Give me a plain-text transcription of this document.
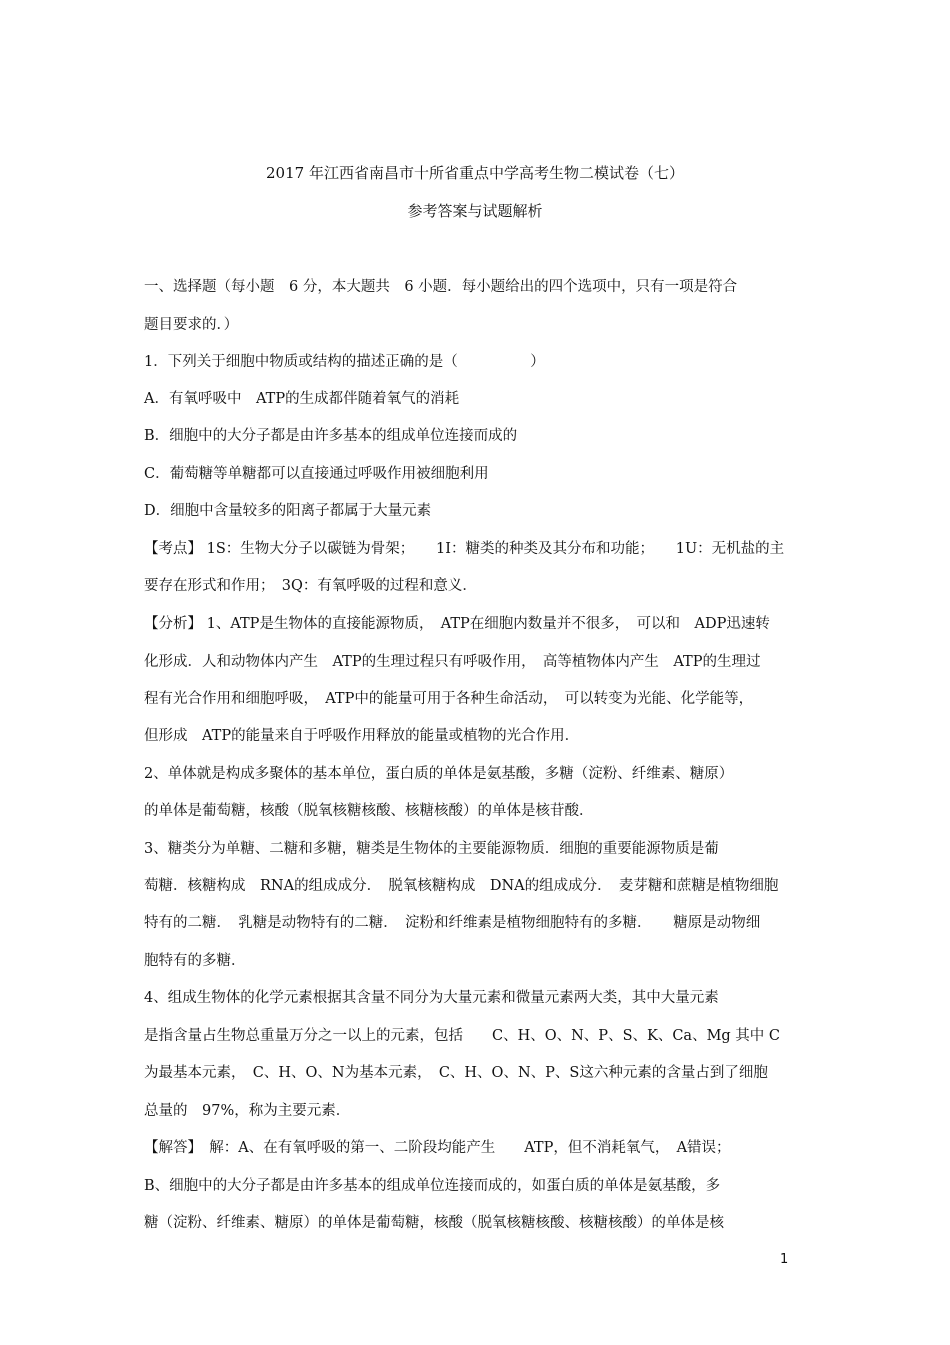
2017 年江西省南昌市十所省重点中学高考生物二模试卷（七）
参考答案与试题解析
一、选择题（每小题　6 分，本大题共　6 小题．每小题给出的四个选项中，只有一项是符合
题目要求的．）
1．下列关于细胞中物质或结构的描述正确的是（　　　　　）
A．有氧呼吸中　ATP的生成都伴随着氧气的消耗
B．细胞中的大分子都是由许多基本的组成单位连接而成的
C．葡萄糖等单糖都可以直接通过呼吸作用被细胞利用
D．细胞中含量较多的阳离子都属于大量元素
【考点】 1S：生物大分子以碳链为骨架；　　1I：糖类的种类及其分布和功能；　　1U：无机盐的主
要存在形式和作用；　3Q：有氧呼吸的过程和意义．
【分析】 1、ATP是生物体的直接能源物质，　ATP在细胞内数量并不很多，　可以和　ADP迅速转
化形成．人和动物体内产生　ATP的生理过程只有呼吸作用，　高等植物体内产生　ATP的生理过
程有光合作用和细胞呼吸，　ATP中的能量可用于各种生命活动，　可以转变为光能、化学能等，
但形成　ATP的能量来自于呼吸作用释放的能量或植物的光合作用．
2、单体就是构成多聚体的基本单位，蛋白质的单体是氨基酸，多糖（淀粉、纤维素、糖原）
的单体是葡萄糖，核酸（脱氧核糖核酸、核糖核酸）的单体是核苷酸．
3、糖类分为单糖、二糖和多糖，糖类是生物体的主要能源物质．细胞的重要能源物质是葡
萄糖．核糖构成　RNA的组成成分．　脱氧核糖构成　DNA的组成成分．　麦芽糖和蔗糖是植物细胞
特有的二糖．　乳糖是动物特有的二糖．　淀粉和纤维素是植物细胞特有的多糖．　　糖原是动物细
胞特有的多糖．
4、组成生物体的化学元素根据其含量不同分为大量元素和微量元素两大类，其中大量元素
是指含量占生物总重量万分之一以上的元素，包括　　C、H、O、N、P、S、K、Ca、Mg 其中 C
为最基本元素，　C、H、O、N为基本元素，　C、H、O、N、P、S这六种元素的含量占到了细胞
总量的　97%，称为主要元素．
【解答】　解：A、在有氧呼吸的第一、二阶段均能产生　　ATP，但不消耗氧气，　A错误；
B、细胞中的大分子都是由许多基本的组成单位连接而成的，如蛋白质的单体是氨基酸，多
糖（淀粉、纤维素、糖原）的单体是葡萄糖，核酸（脱氧核糖核酸、核糖核酸）的单体是核
1
